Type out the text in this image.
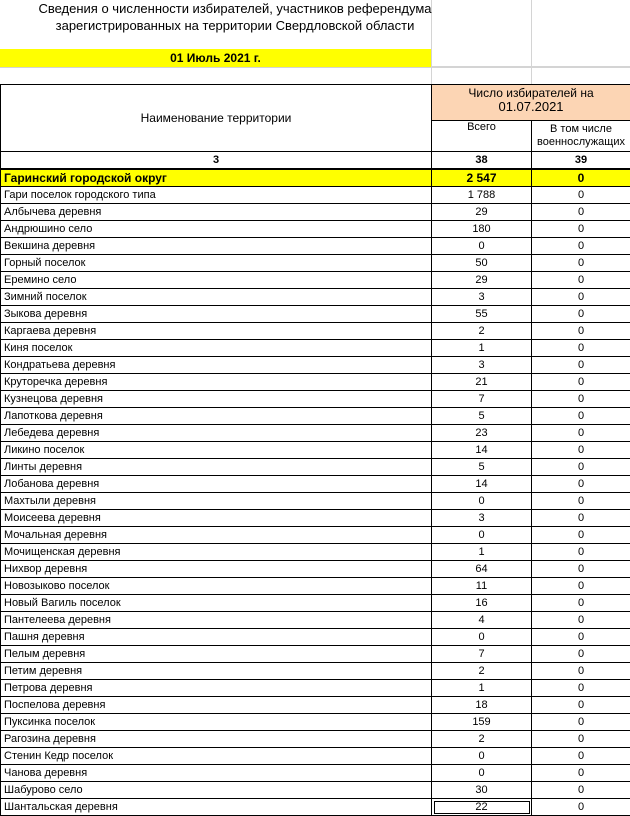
Сведения о численности избирателей, участников референдума
зарегистрированных на территории Свердловской области
01 Июль 2021 г.
Наименование территории	Число избирателей на
01.07.2021	

	Всего	В том числе
военнослужащих

3	38	39
Гаринский городской округ	2 547	0
Гари поселок городского типа	1 788	0
Албычева деревня	29	0
Андрюшино село	180	0
Векшина деревня	0	0
Горный поселок	50	0
Еремино село	29	0
Зимний поселок	3	0
Зыкова деревня	55	0
Каргаева деревня	2	0
Киня поселок	1	0
Кондратьева деревня	3	0
Круторечка деревня	21	0
Кузнецова деревня	7	0
Лапоткова деревня	5	0
Лебедева деревня	23	0
Ликино поселок	14	0
Линты деревня	5	0
Лобанова деревня	14	0
Махтыли деревня	0	0
Моисеева деревня	3	0
Мочальная деревня	0	0
Мочищенская деревня	1	0
Нихвор деревня	64	0
Новозыково поселок	11	0
Новый Вагиль поселок	16	0
Пантелеева деревня	4	0
Пашня деревня	0	0
Пелым деревня	7	0
Петим деревня	2	0
Петрова деревня	1	0
Поспелова деревня	18	0
Пуксинка поселок	159	0
Рагозина деревня	2	0
Стенин Кедр поселок	0	0
Чанова деревня	0	0
Шабурово село	30	0
Шантальская деревня	22	0
